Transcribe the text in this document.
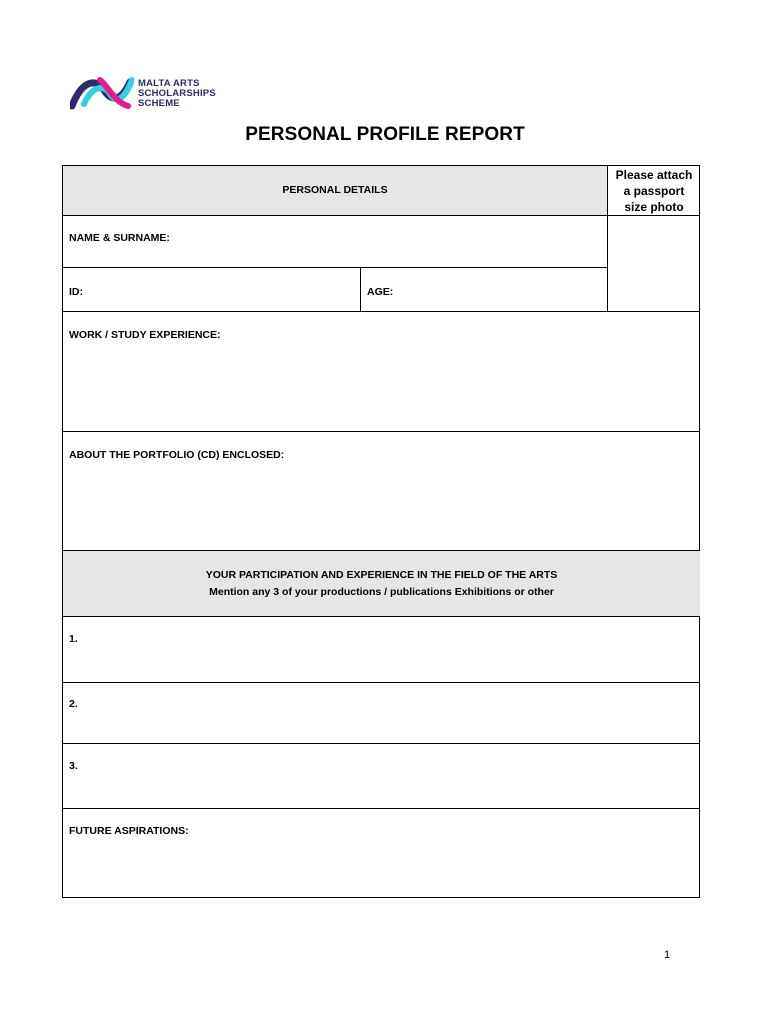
MALTA ARTS
SCHOLARSHIPS
SCHEME
PERSONAL PROFILE REPORT
PERSONAL DETAILS
Please attach
a passport
size photo
NAME & SURNAME:
ID:	AGE:
WORK / STUDY EXPERIENCE:
ABOUT THE PORTFOLIO (CD) ENCLOSED:
YOUR PARTICIPATION AND EXPERIENCE IN THE FIELD OF THE ARTS
Mention any 3 of your productions / publications Exhibitions or other
1.
2.
3.
FUTURE ASPIRATIONS:
1
